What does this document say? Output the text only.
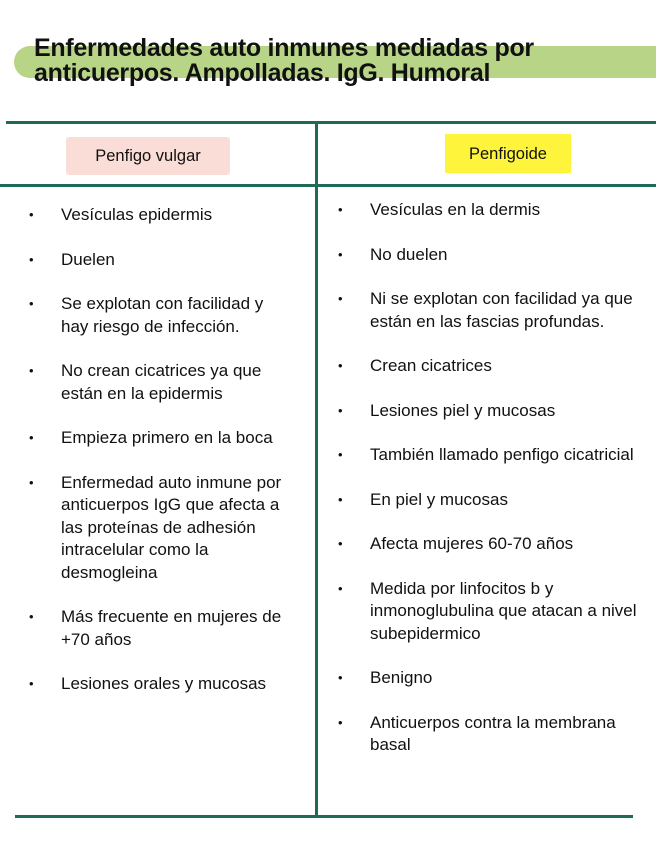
Enfermedades auto inmunes mediadas por
anticuerpos. Ampolladas. IgG. Humoral
Penfigo vulgar	Penfigoide
• Vesículas epidermis
• Duelen
• Se explotan con facilidad y hay riesgo de infección.
• No crean cicatrices ya que están en la epidermis
• Empieza primero en la boca
• Enfermedad auto inmune por anticuerpos IgG que afecta a las proteínas de adhesión intracelular como la desmogleina
• Más frecuente en mujeres de +70 años
• Lesiones orales y mucosas
• Vesículas en la dermis
• No duelen
• Ni se explotan con facilidad ya que están en las fascias profundas.
• Crean cicatrices
• Lesiones piel y mucosas
• También llamado penfigo cicatricial
• En piel y mucosas
• Afecta mujeres 60-70 años
• Medida por linfocitos b y inmonoglubulina que atacan a nivel subepidermico
• Benigno
• Anticuerpos contra la membrana basal
